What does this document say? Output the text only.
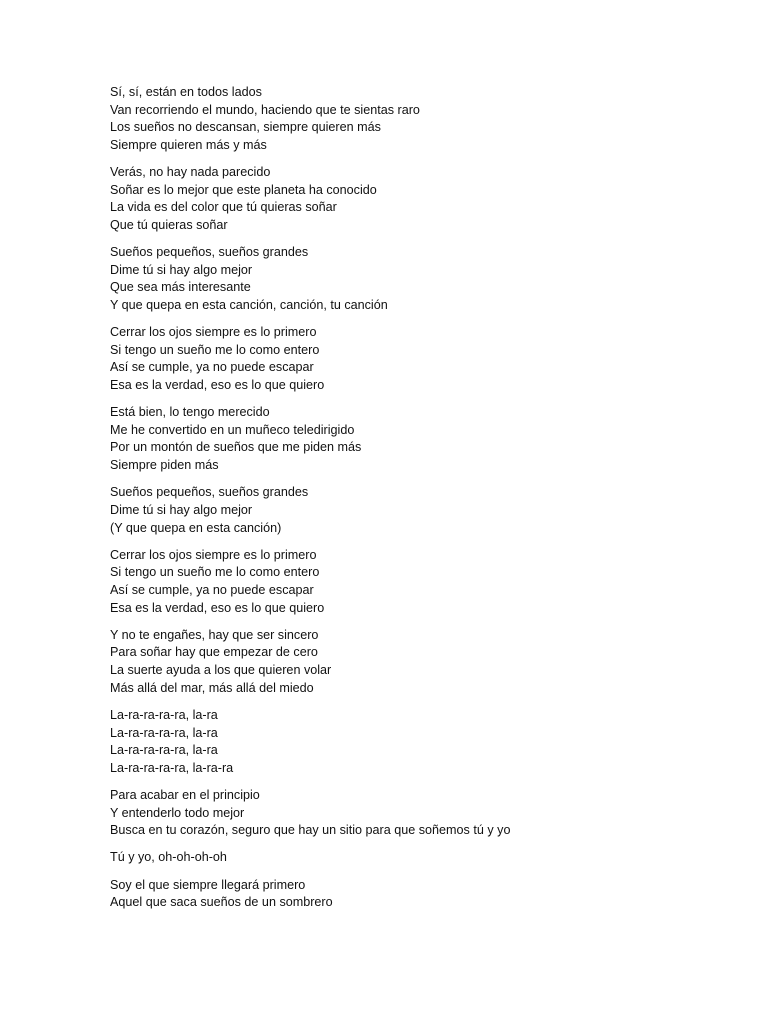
Sí, sí, están en todos lados
Van recorriendo el mundo, haciendo que te sientas raro
Los sueños no descansan, siempre quieren más
Siempre quieren más y más
Verás, no hay nada parecido
Soñar es lo mejor que este planeta ha conocido
La vida es del color que tú quieras soñar
Que tú quieras soñar
Sueños pequeños, sueños grandes
Dime tú si hay algo mejor
Que sea más interesante
Y que quepa en esta canción, canción, tu canción
Cerrar los ojos siempre es lo primero
Si tengo un sueño me lo como entero
Así se cumple, ya no puede escapar
Esa es la verdad, eso es lo que quiero
Está bien, lo tengo merecido
Me he convertido en un muñeco teledirigido
Por un montón de sueños que me piden más
Siempre piden más
Sueños pequeños, sueños grandes
Dime tú si hay algo mejor
(Y que quepa en esta canción)
Cerrar los ojos siempre es lo primero
Si tengo un sueño me lo como entero
Así se cumple, ya no puede escapar
Esa es la verdad, eso es lo que quiero
Y no te engañes, hay que ser sincero
Para soñar hay que empezar de cero
La suerte ayuda a los que quieren volar
Más allá del mar, más allá del miedo
La-ra-ra-ra-ra, la-ra
La-ra-ra-ra-ra, la-ra
La-ra-ra-ra-ra, la-ra
La-ra-ra-ra-ra, la-ra-ra
Para acabar en el principio
Y entenderlo todo mejor
Busca en tu corazón, seguro que hay un sitio para que soñemos tú y yo
Tú y yo, oh-oh-oh-oh
Soy el que siempre llegará primero
Aquel que saca sueños de un sombrero
